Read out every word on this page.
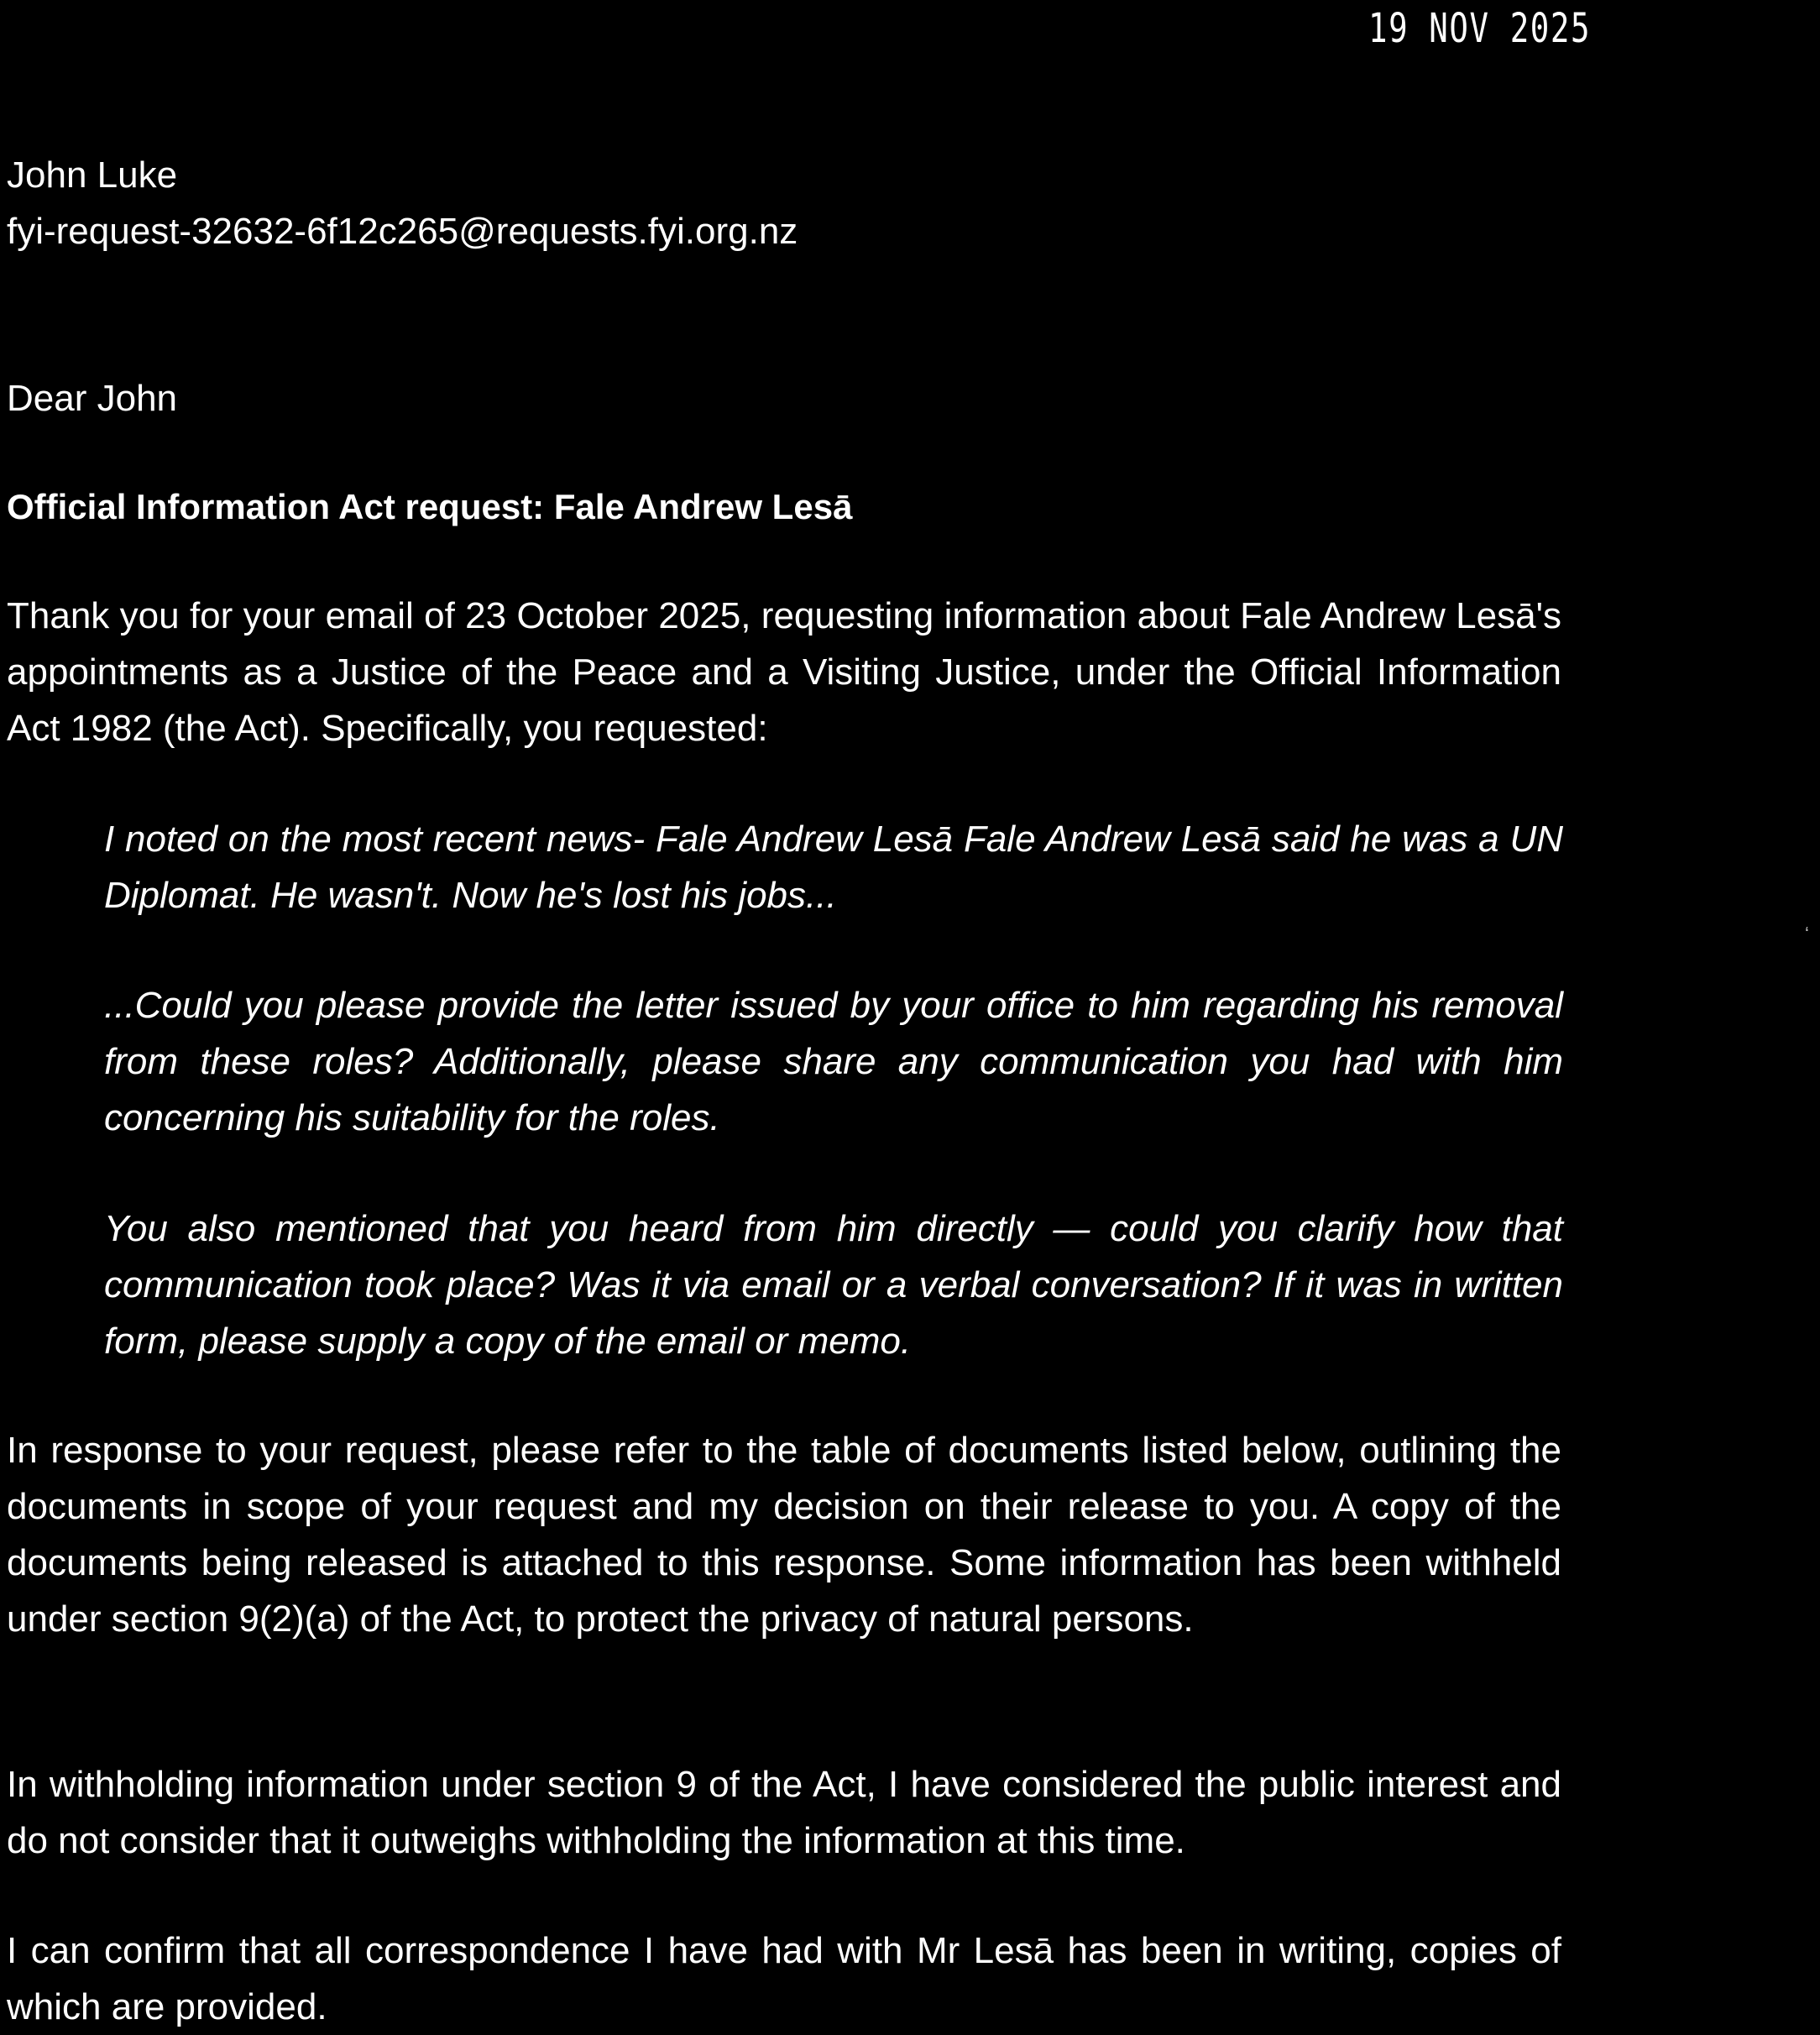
19 NOV 2025
John Luke
fyi-request-32632-6f12c265@requests.fyi.org.nz
Dear John
Official Information Act request: Fale Andrew Lesā

Thank you for your email of 23 October 2025, requesting information about Fale Andrew Lesā's appointments as a Justice of the Peace and a Visiting Justice, under the Official Information Act 1982 (the Act). Specifically, you requested:

I noted on the most recent news- Fale Andrew Lesā Fale Andrew Lesā said he was a UN Diplomat. He wasn't. Now he's lost his jobs...

...Could you please provide the letter issued by your office to him regarding his removal from these roles? Additionally, please share any communication you had with him concerning his suitability for the roles.

You also mentioned that you heard from him directly — could you clarify how that communication took place? Was it via email or a verbal conversation? If it was in written form, please supply a copy of the email or memo.

In response to your request, please refer to the table of documents listed below, outlining the documents in scope of your request and my decision on their release to you. A copy of the documents being released is attached to this response. Some information has been withheld under section 9(2)(a) of the Act, to protect the privacy of natural persons.

In withholding information under section 9 of the Act, I have considered the public interest and do not consider that it outweighs withholding the information at this time.

I can confirm that all correspondence I have had with Mr Lesā has been in writing, copies of which are provided.

ʻ
